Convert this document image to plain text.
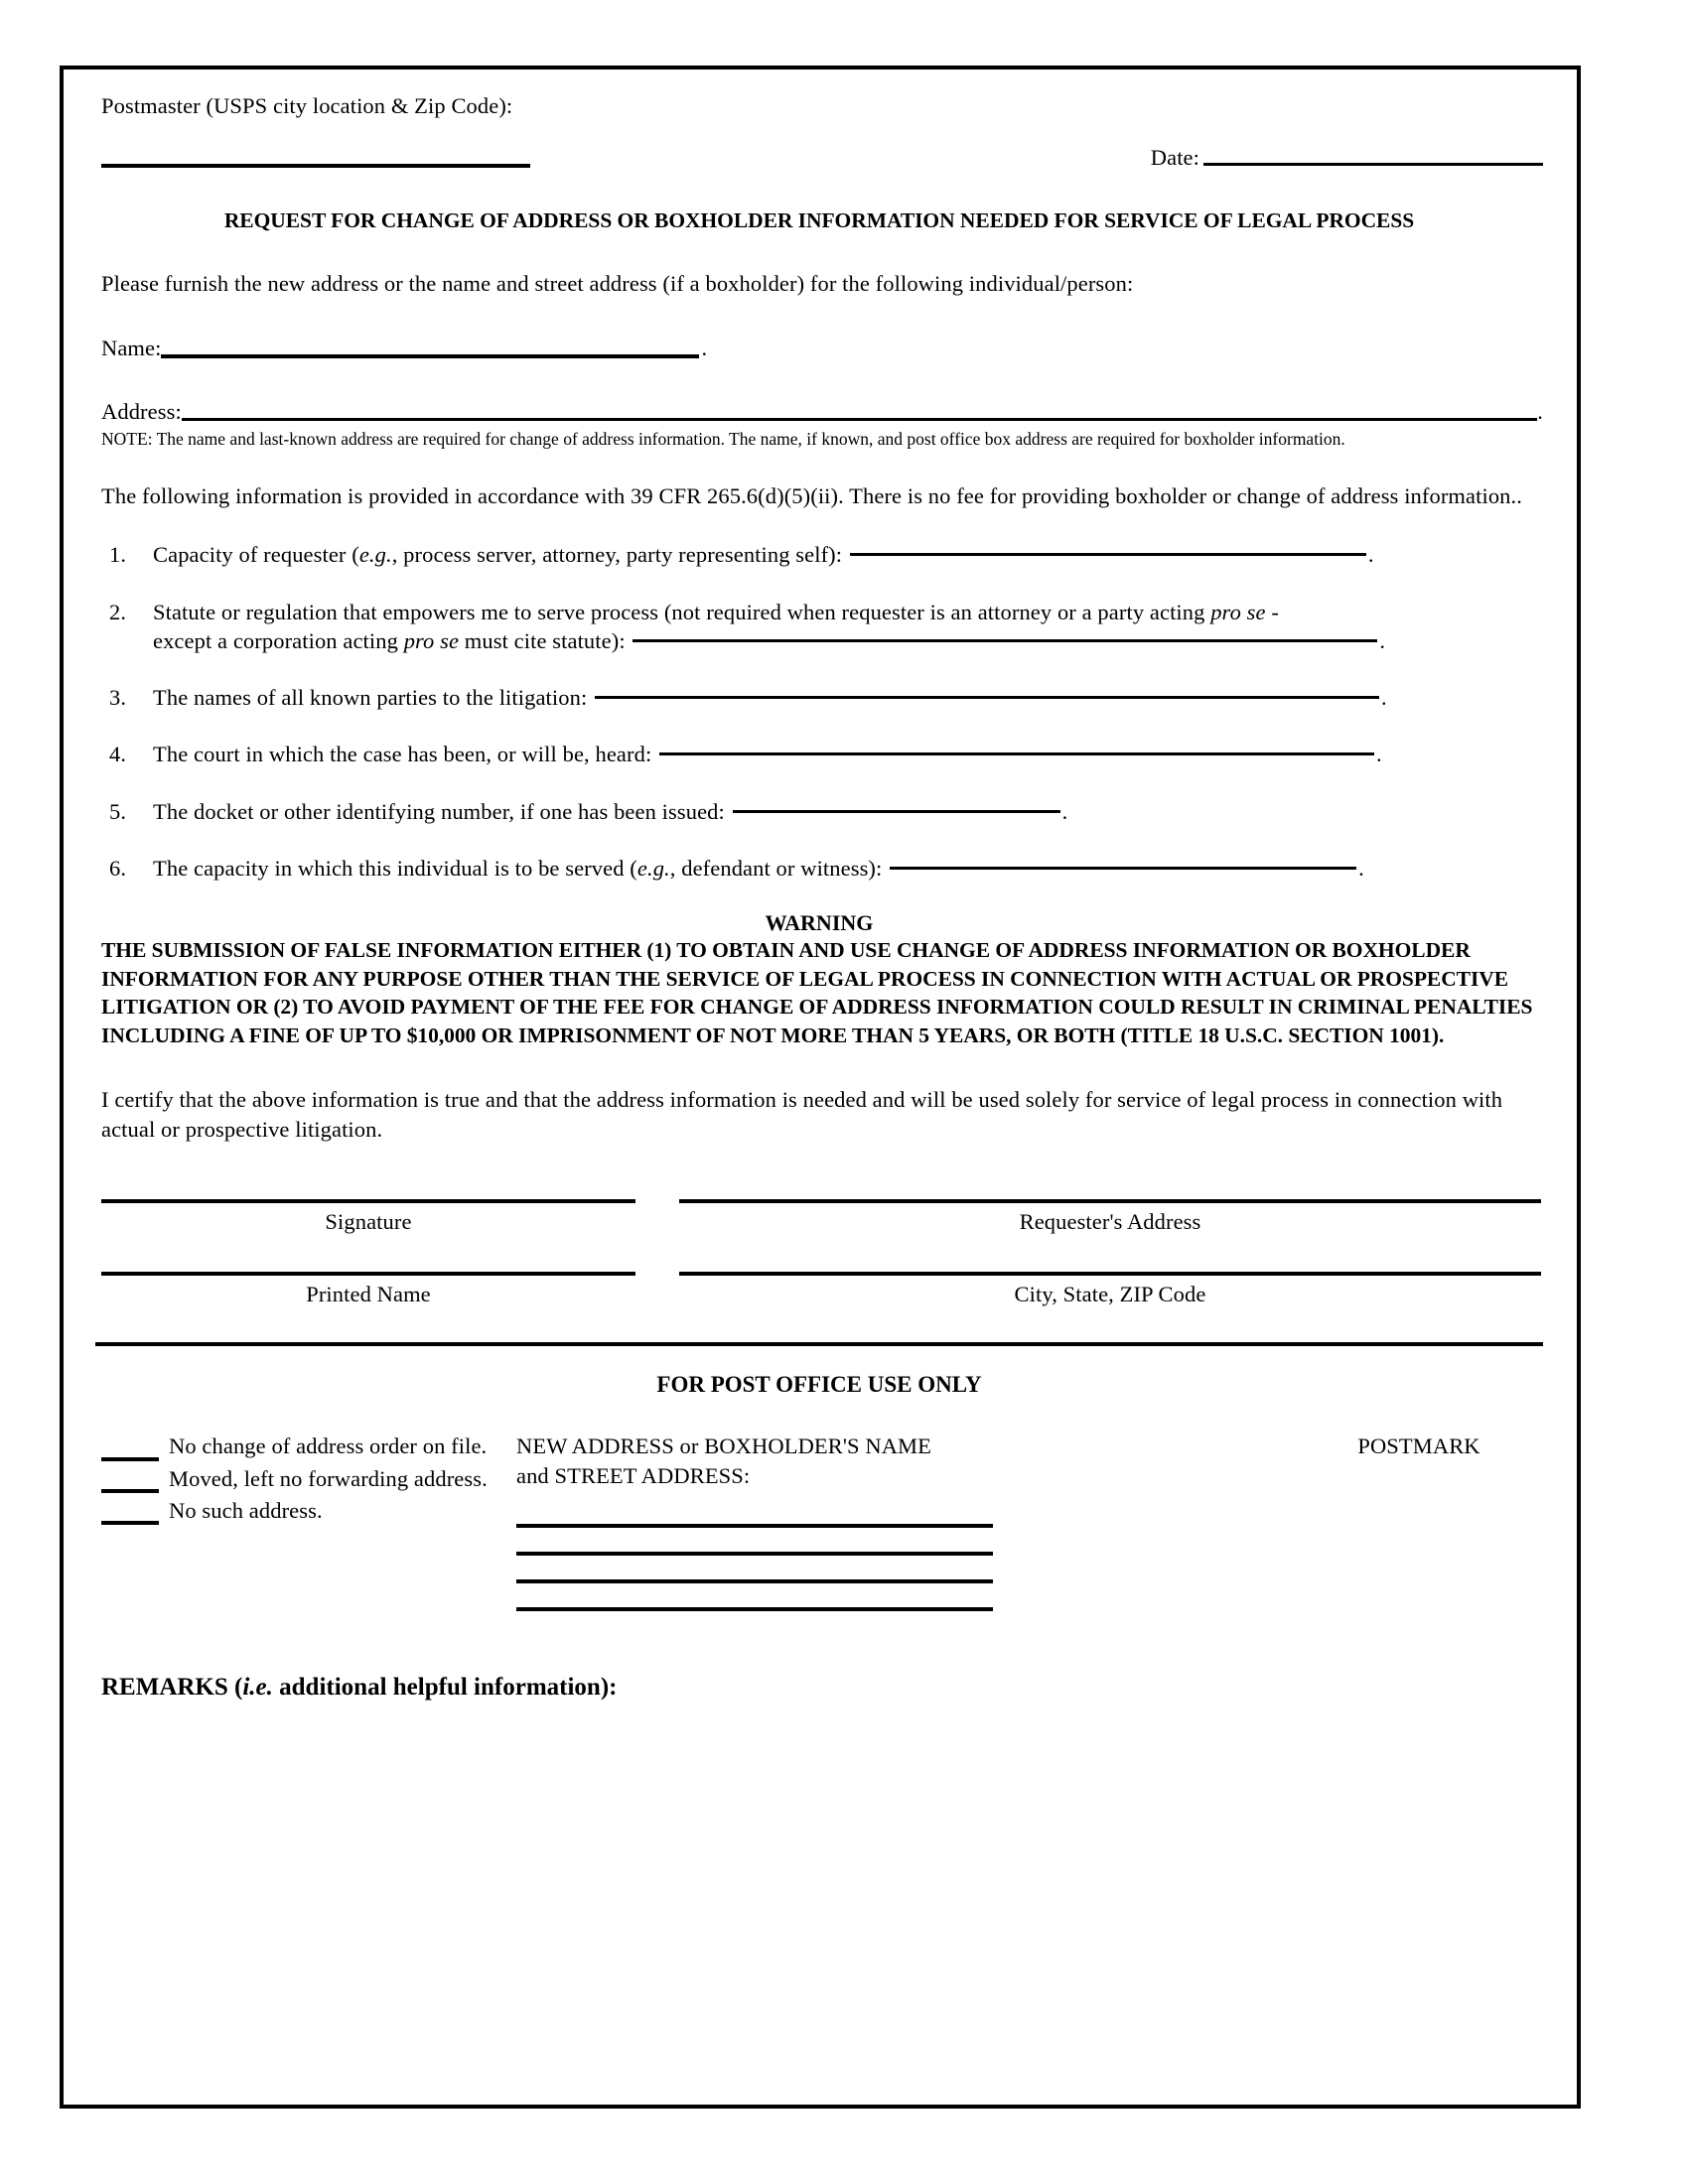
Postmaster (USPS city location & Zip Code):
Date:
REQUEST FOR CHANGE OF ADDRESS OR BOXHOLDER INFORMATION NEEDED FOR SERVICE OF LEGAL PROCESS
Please furnish the new address or the name and street address (if a boxholder) for the following individual/person:
Name:	.
Address:	.
NOTE: The name and last-known address are required for change of address information. The name, if known, and post office box address are required for boxholder information.
The following information is provided in accordance with 39 CFR 265.6(d)(5)(ii). There is no fee for providing boxholder or change of address information..
1.	Capacity of requester (e.g., process server, attorney, party representing self):	.
2.	Statute or regulation that empowers me to serve process (not required when requester is an attorney or a party acting pro se -
except a corporation acting pro se must cite statute):	.
3.	The names of all known parties to the litigation:	.
4.	The court in which the case has been, or will be, heard:	.
5.	The docket or other identifying number, if one has been issued:	.
6.	The capacity in which this individual is to be served (e.g., defendant or witness):	.
WARNING
THE SUBMISSION OF FALSE INFORMATION EITHER (1) TO OBTAIN AND USE CHANGE OF ADDRESS INFORMATION OR BOXHOLDER INFORMATION FOR ANY PURPOSE OTHER THAN THE SERVICE OF LEGAL PROCESS IN CONNECTION WITH ACTUAL OR PROSPECTIVE LITIGATION OR (2) TO AVOID PAYMENT OF THE FEE FOR CHANGE OF ADDRESS INFORMATION COULD RESULT IN CRIMINAL PENALTIES INCLUDING A FINE OF UP TO $10,000 OR IMPRISONMENT OF NOT MORE THAN 5 YEARS, OR BOTH (TITLE 18 U.S.C. SECTION 1001).
I certify that the above information is true and that the address information is needed and will be used solely for service of legal process in connection with actual or prospective litigation.
Signature	Requester's Address
Printed Name	City, State, ZIP Code
FOR POST OFFICE USE ONLY
No change of address order on file.
Moved, left no forwarding address.
No such address.
NEW ADDRESS or BOXHOLDER'S NAME
and STREET ADDRESS:
POSTMARK
REMARKS (i.e. additional helpful information):
